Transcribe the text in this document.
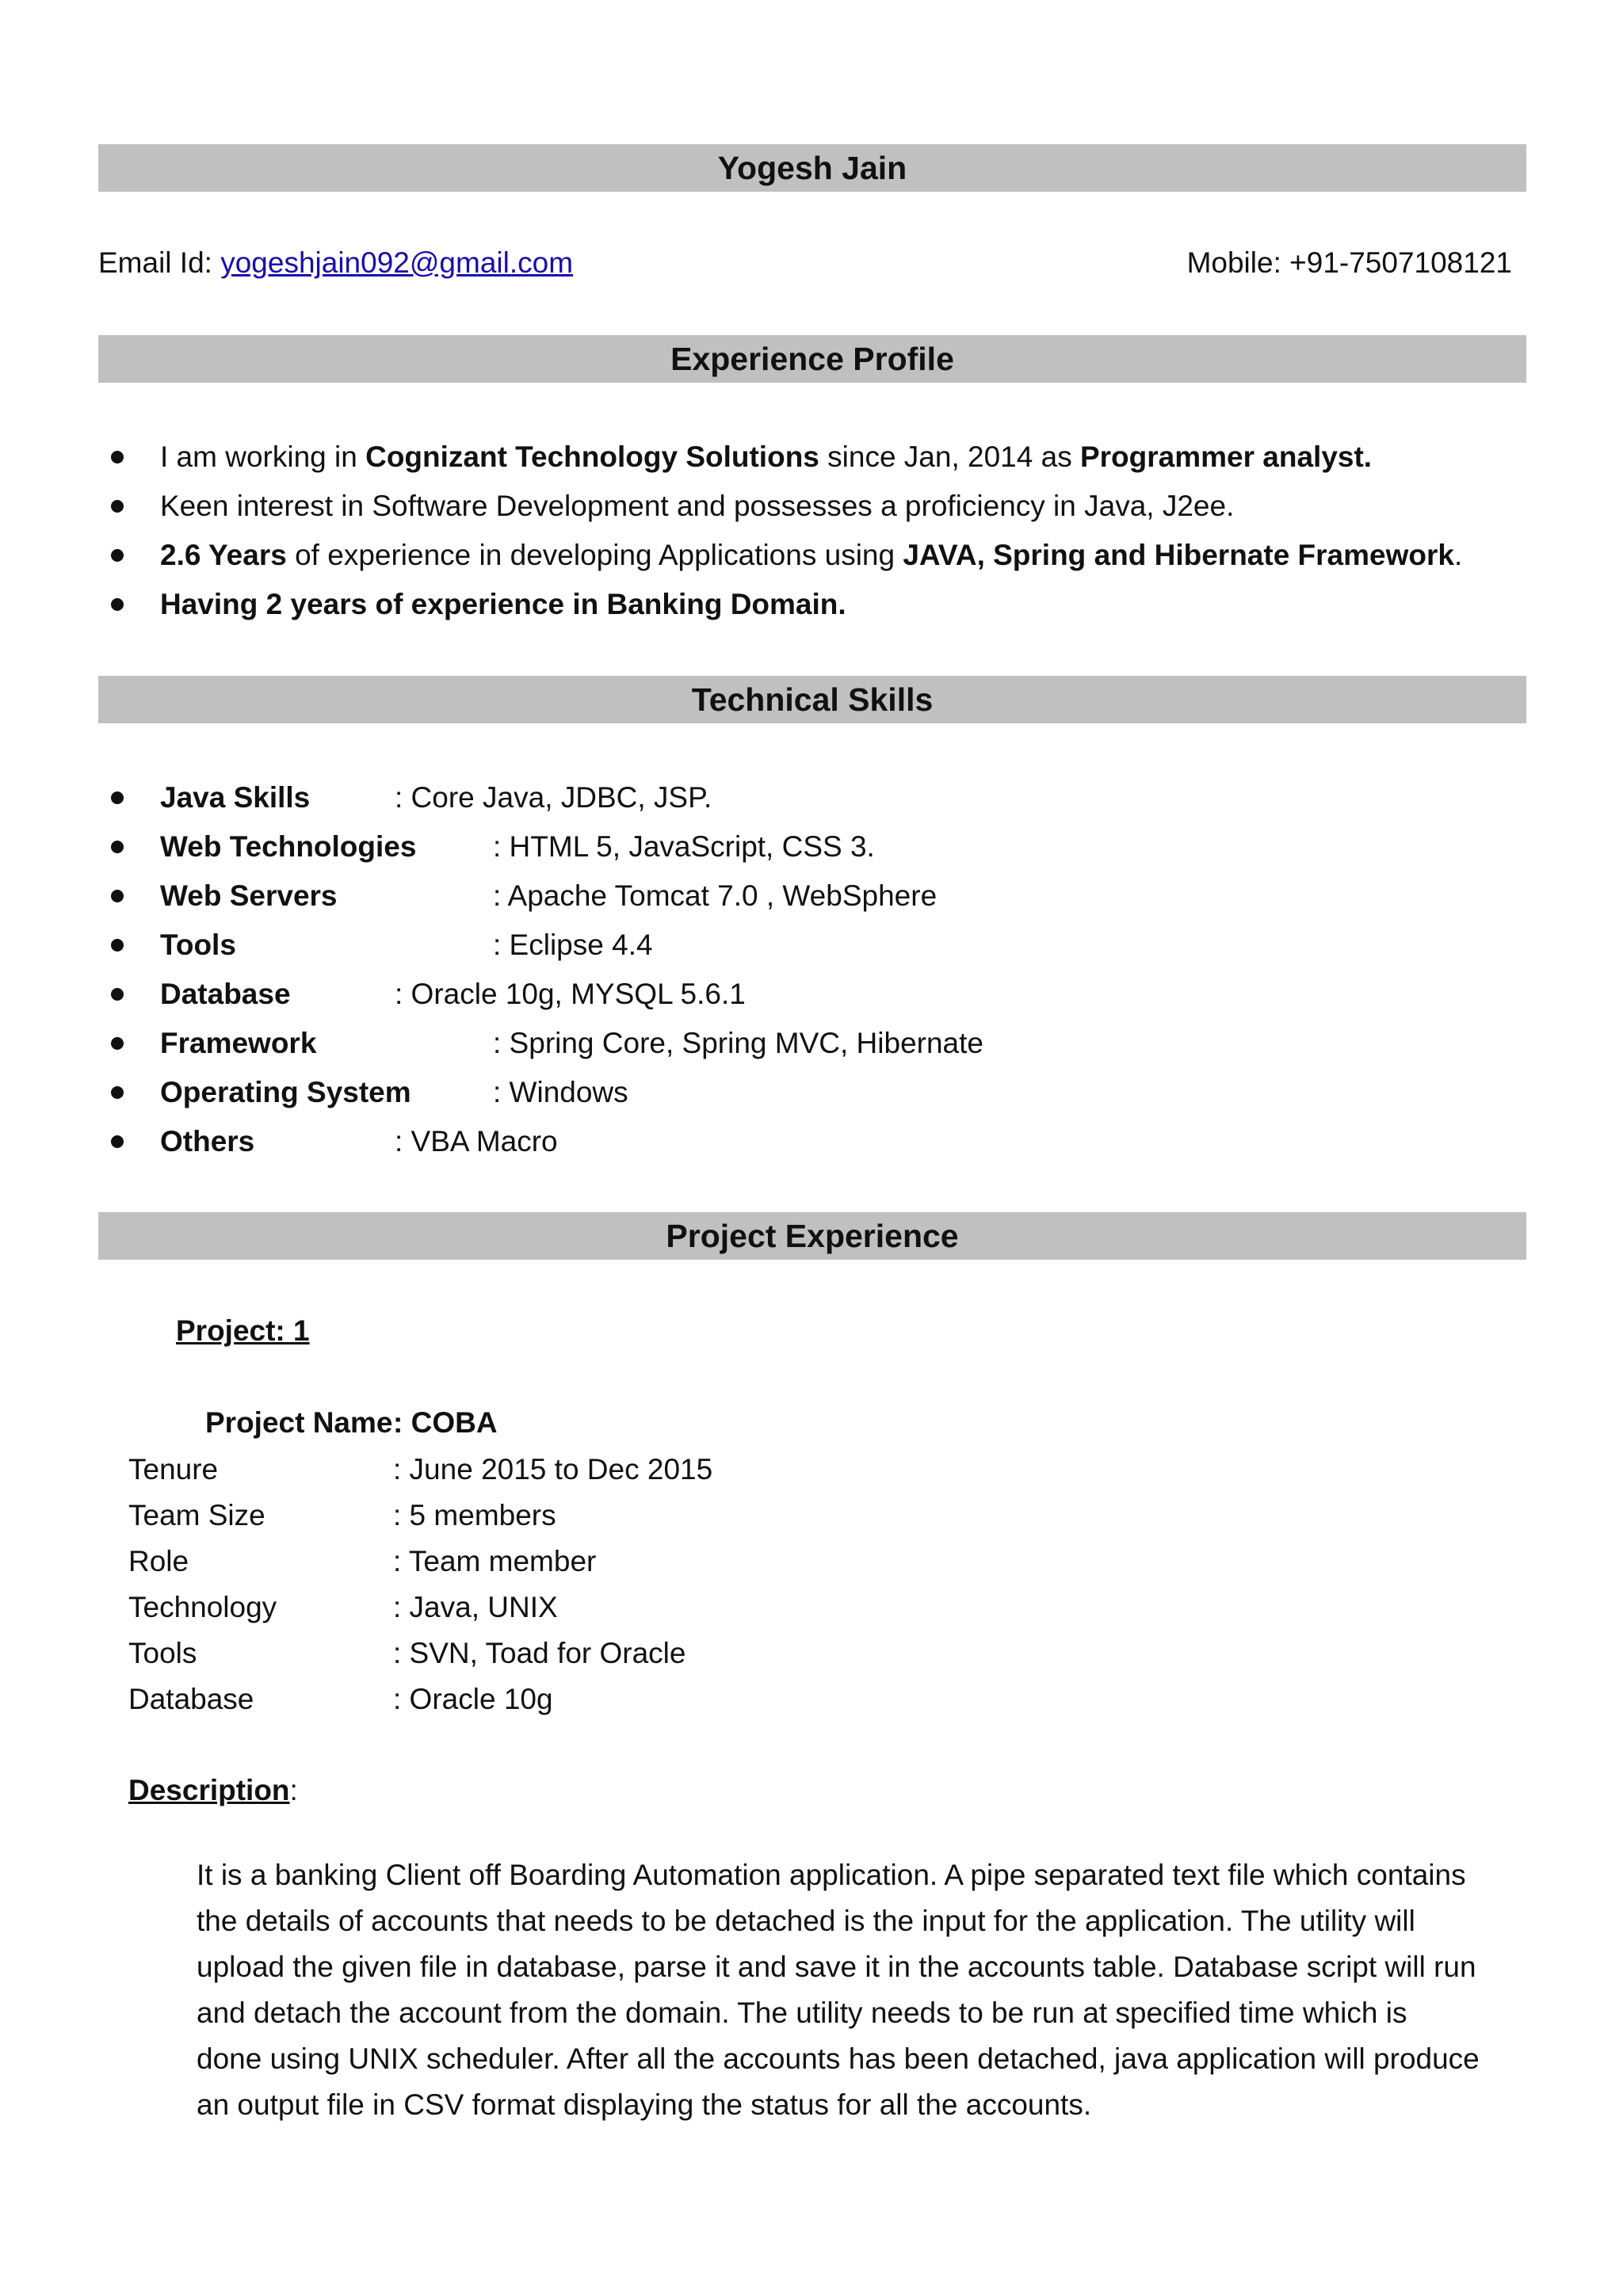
Yogesh Jain
Email Id: yogeshjain092@gmail.com	Mobile: +91-7507108121
Experience Profile
I am working in Cognizant Technology Solutions since Jan, 2014 as Programmer analyst.
Keen interest in Software Development and possesses a proficiency in Java, J2ee.
2.6 Years of experience in developing Applications using JAVA, Spring and Hibernate Framework.
Having 2 years of experience in Banking Domain.
Technical Skills
Java Skills	: Core Java, JDBC, JSP.
Web Technologies	: HTML 5, JavaScript, CSS 3.
Web Servers	: Apache Tomcat 7.0 , WebSphere
Tools	: Eclipse 4.4
Database	: Oracle 10g, MYSQL 5.6.1
Framework	: Spring Core, Spring MVC, Hibernate
Operating System	: Windows
Others	: VBA Macro
Project Experience
Project: 1
Project Name: COBA
Tenure	: June 2015 to Dec 2015
Team Size	: 5 members
Role	: Team member
Technology	: Java, UNIX
Tools	: SVN, Toad for Oracle
Database	: Oracle 10g
Description:
It is a banking Client off Boarding Automation application. A pipe separated text file which contains
the details of accounts that needs to be detached is the input for the application. The utility will
upload the given file in database, parse it and save it in the accounts table. Database script will run
and detach the account from the domain. The utility needs to be run at specified time which is
done using UNIX scheduler. After all the accounts has been detached, java application will produce
an output file in CSV format displaying the status for all the accounts.
